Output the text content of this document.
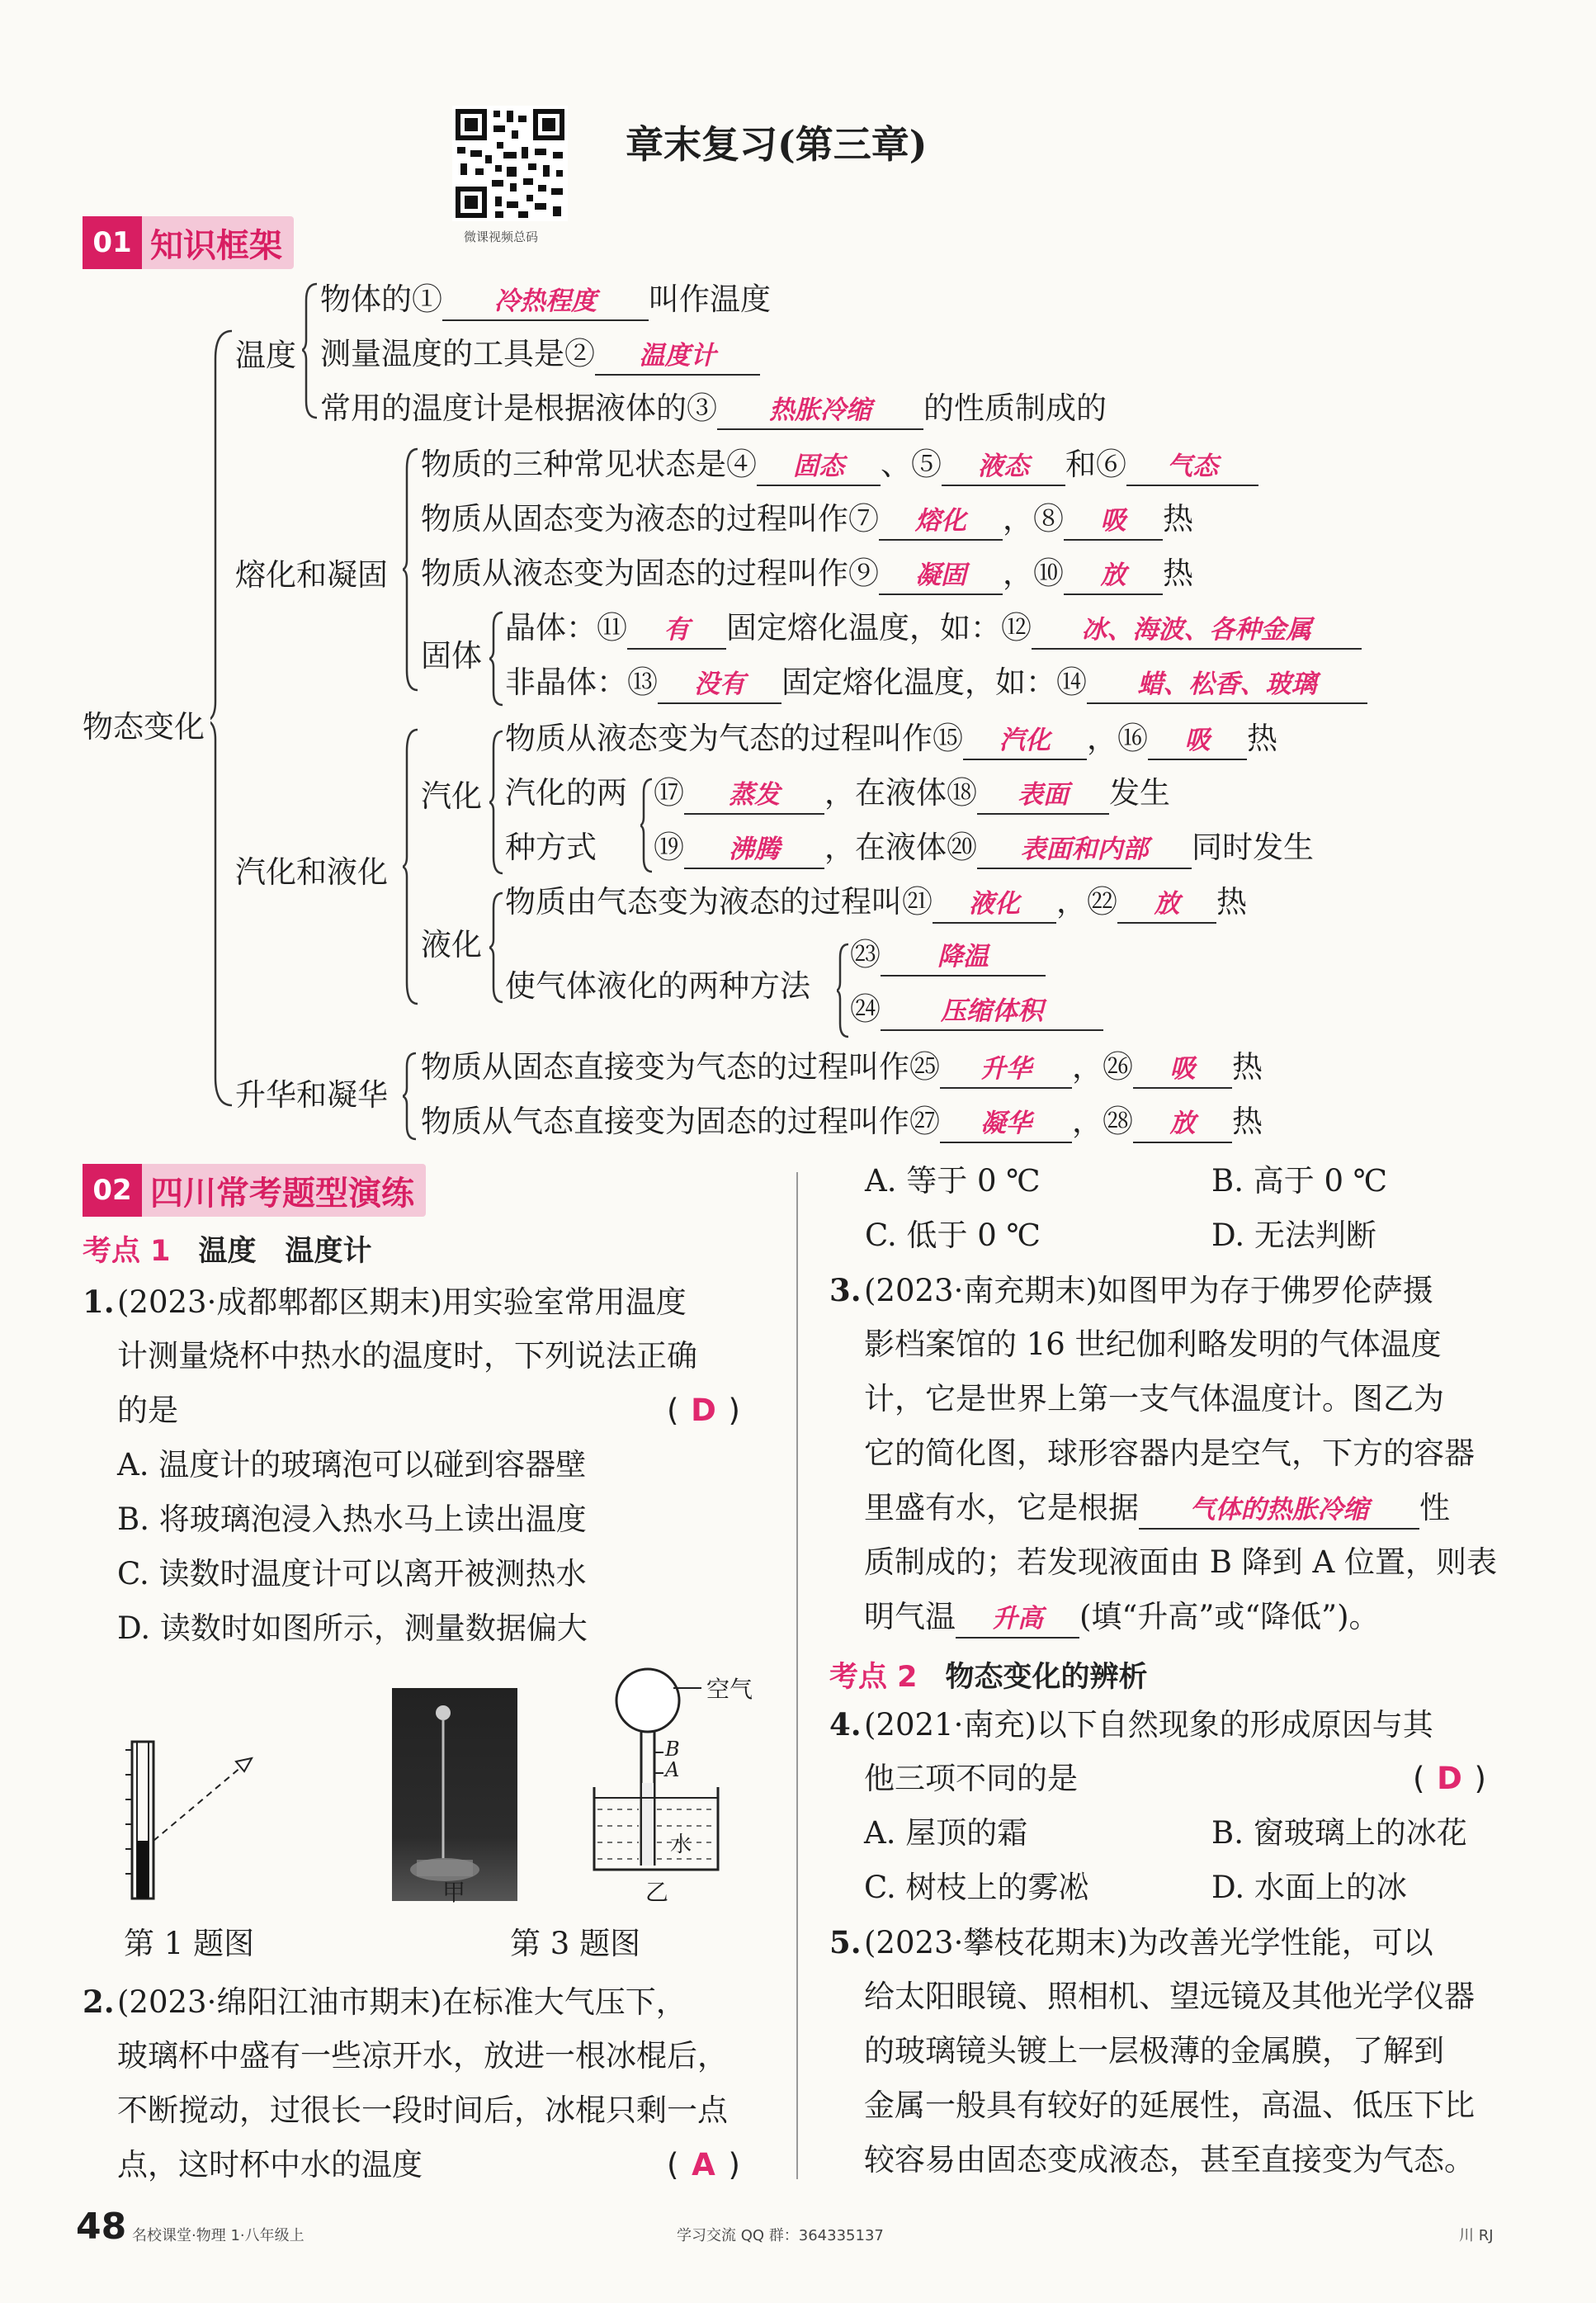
微课视频总码
章末复习(第三章)
01 知识框架
物态变化
温度
物体的① 冷热程度 叫作温度
测量温度的工具是② 温度计
常用的温度计是根据液体的③ 热胀冷缩 的性质制成的
熔化和凝固
物质的三种常见状态是④ 固态 、⑤ 液态 和⑥ 气态
物质从固态变为液态的过程叫作⑦ 熔化 ，⑧ 吸 热
物质从液态变为固态的过程叫作⑨ 凝固 ，⑩ 放 热
固体
晶体：⑪ 有 固定熔化温度，如：⑫ 冰、海波、各种金属
非晶体：⑬ 没有 固定熔化温度，如：⑭ 蜡、松香、玻璃
汽化和液化
汽化
物质从液态变为气态的过程叫作⑮ 汽化 ，⑯ 吸 热
汽化的两
种方式
⑰ 蒸发 ，在液体⑱ 表面 发生
⑲ 沸腾 ，在液体⑳ 表面和内部 同时发生
液化
物质由气态变为液态的过程叫㉑ 液化 ，㉒ 放 热
使气体液化的两种方法
㉓ 降温
㉔ 压缩体积
升华和凝华
物质从固态直接变为气态的过程叫作㉕ 升华 ，㉖ 吸 热
物质从气态直接变为固态的过程叫作㉗ 凝华 ，㉘ 放 热
02 四川常考题型演练
考点 1 温度　温度计
1.(2023·成都郫都区期末)用实验室常用温度
计测量烧杯中热水的温度时，下列说法正确
的是	( D )
A. 温度计的玻璃泡可以碰到容器壁
B. 将玻璃泡浸入热水马上读出温度
C. 读数时温度计可以离开被测热水
D. 读数时如图所示，测量数据偏大
第 1 题图
甲
空气
B
A
水
乙
第 3 题图
2.(2023·绵阳江油市期末)在标准大气压下，
玻璃杯中盛有一些凉开水，放进一根冰棍后，
不断搅动，过很长一段时间后，冰棍只剩一点
点，这时杯中水的温度	( A )
A. 等于 0 ℃	B. 高于 0 ℃
C. 低于 0 ℃	D. 无法判断
3.(2023·南充期末)如图甲为存于佛罗伦萨摄
影档案馆的 16 世纪伽利略发明的气体温度
计，它是世界上第一支气体温度计。图乙为
它的简化图，球形容器内是空气，下方的容器
里盛有水，它是根据 气体的热胀冷缩 性
质制成的；若发现液面由 B 降到 A 位置，则表
明气温 升高 (填“升高”或“降低”)。
考点 2 物态变化的辨析
4.(2021·南充)以下自然现象的形成原因与其
他三项不同的是	( D )
A. 屋顶的霜	B. 窗玻璃上的冰花
C. 树枝上的雾凇	D. 水面上的冰
5.(2023·攀枝花期末)为改善光学性能，可以
给太阳眼镜、照相机、望远镜及其他光学仪器
的玻璃镜头镀上一层极薄的金属膜，了解到
金属一般具有较好的延展性，高温、低压下比
较容易由固态变成液态，甚至直接变为气态。
48 名校课堂·物理 1·八年级上	学习交流 QQ 群：364335137	川 RJ
